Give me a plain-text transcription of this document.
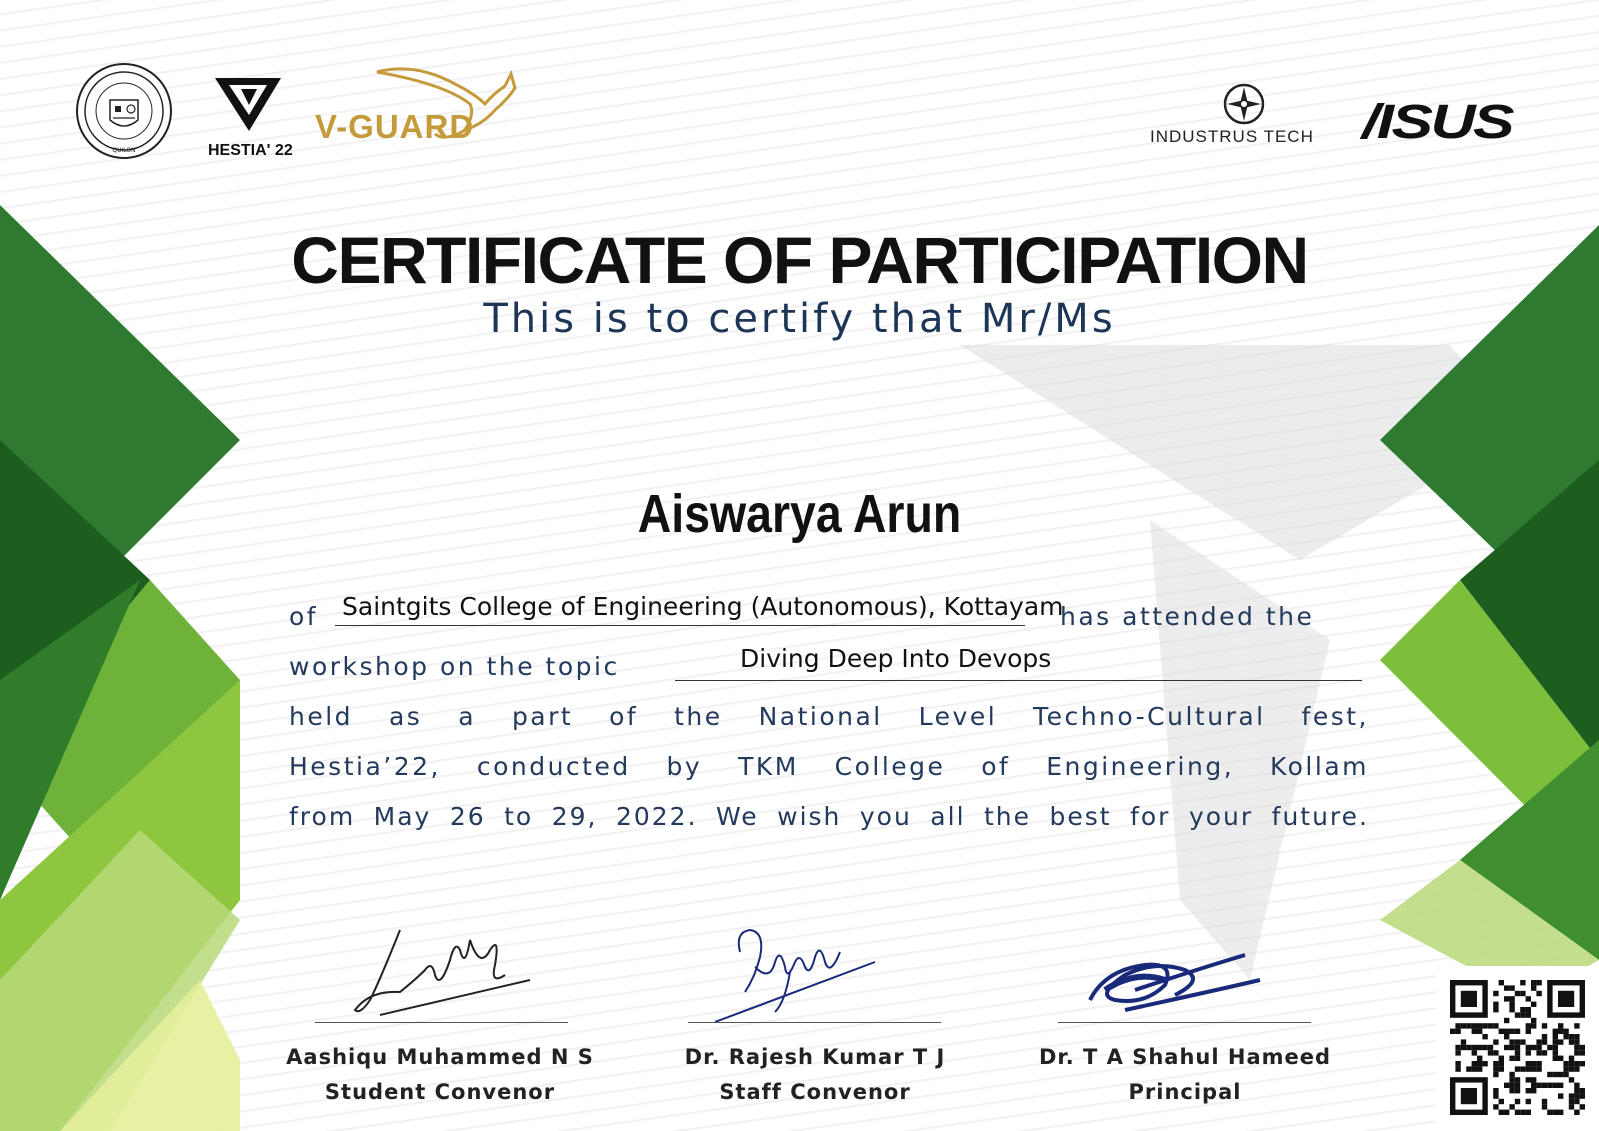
QUILON	HESTIA' 22
V-GUARD	INDUSTRUS TECH /ISUS
CERTIFICATE OF PARTICIPATION
This is to certify that Mr/Ms
Aiswarya Arun
of Saintgits College of Engineering (Autonomous), Kottayam
has attended the
workshop on the topic	Diving Deep Into Devops
held as a part of the National Level Techno-Cultural fest,
Hestia’22, conducted by TKM College of Engineering, Kollam
from May 26 to 29, 2022. We wish you all the best for your future.
Aashiqu Muhammed N S
Student Convenor
Dr. Rajesh Kumar T J
Staff Convenor
Dr. T A Shahul Hameed
Principal
